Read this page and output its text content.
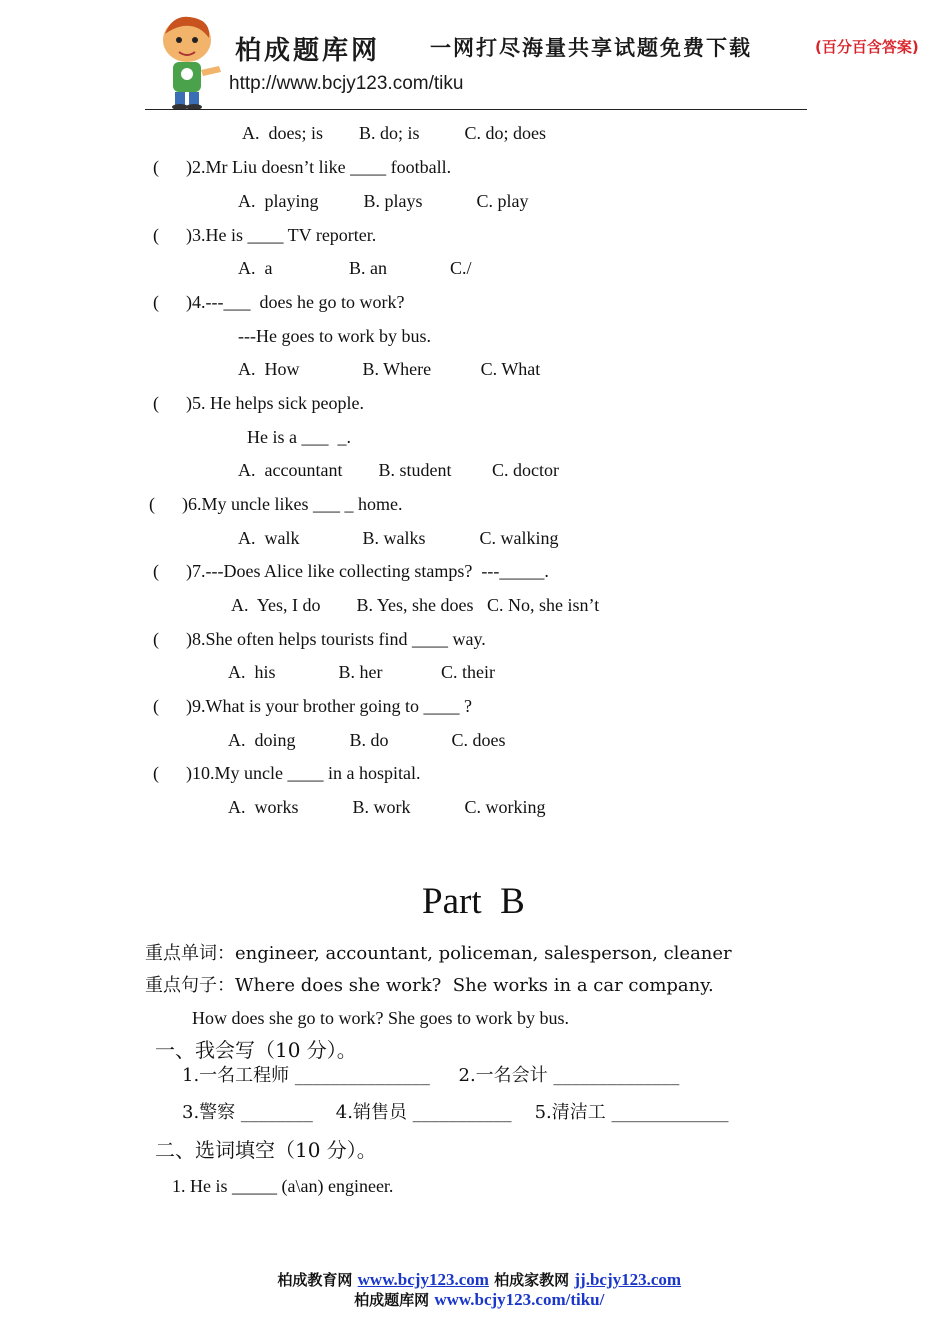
柏成题库网 一网打尽海量共享试题免费下载	(百分百含答案)
http://www.bcjy123.com/tiku
A.  does; is        B. do; is          C. do; does
(      )2.Mr Liu doesn’t like ____ football.
A.  playing          B. plays            C. play
(      )3.He is ____ TV reporter.
A.  a                 B. an              C./
(      )4.---___  does he go to work?
---He goes to work by bus.
A.  How              B. Where           C. What
(      )5. He helps sick people.
He is a ___  _.
A.  accountant        B. student         C. doctor
(      )6.My uncle likes ___ _ home.
A.  walk              B. walks            C. walking
(      )7.---Does Alice like collecting stamps?  ---_____.
A.  Yes, I do        B. Yes, she does   C. No, she isn’t
(      )8.She often helps tourists find ____ way.
A.  his              B. her             C. their
(      )9.What is your brother going to ____ ?
A.  doing            B. do              C. does
(      )10.My uncle ____ in a hospital.
A.  works            B. work            C. working
Part  B
重点单词：engineer, accountant, policeman, salesperson, cleaner
重点句子：Where does she work?  She works in a car company.
How does she go to work? She goes to work by bus.
一、我会写（10 分）。
1.一名工程师 _______________     2.一名会计 ______________
3.警察 ________    4.销售员 ___________    5.清洁工 _____________
二、选词填空（10 分）。
1. He is _____ (a\an) engineer.

柏成教育网 www.bcjy123.com 柏成家教网 jj.bcjy123.com

柏成题库网 www.bcjy123.com/tiku/
